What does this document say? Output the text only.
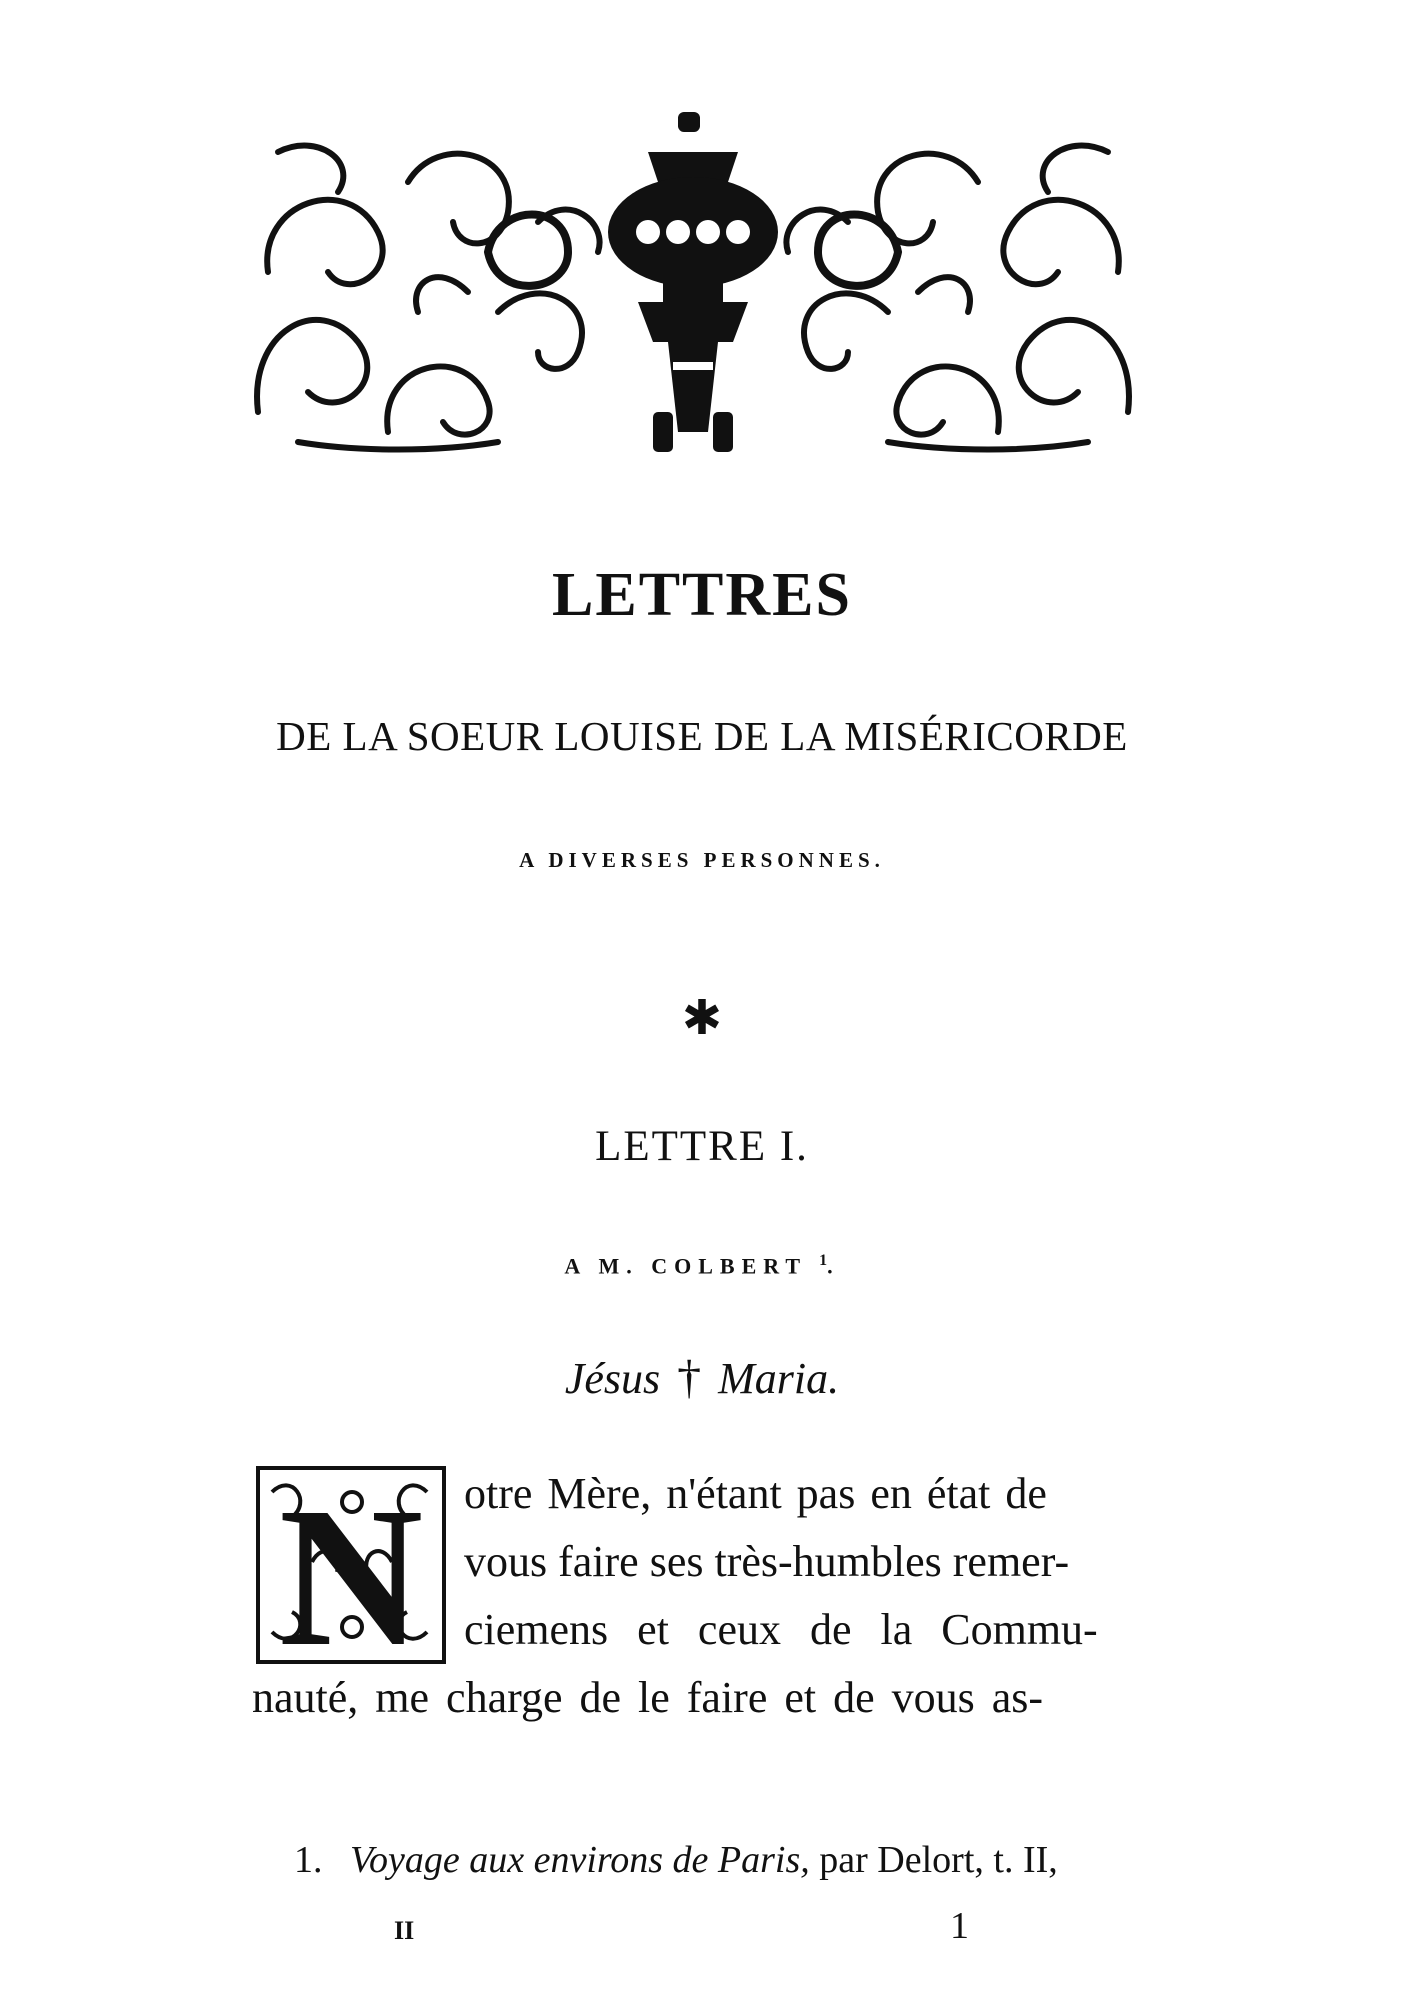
LETTRES
DE LA SOEUR LOUISE DE LA MISÉRICORDE
A DIVERSES PERSONNES.
✱
LETTRE I.
A M. COLBERT $^1$.
Jésus † Maria.
N otre Mère, n'étant pas en état de
vous faire ses très-humbles remer-
ciemens et ceux de la Commu-
nauté, me charge de le faire et de vous as-
1. Voyage aux environs de Paris, par Delort, t. II,
II	1
